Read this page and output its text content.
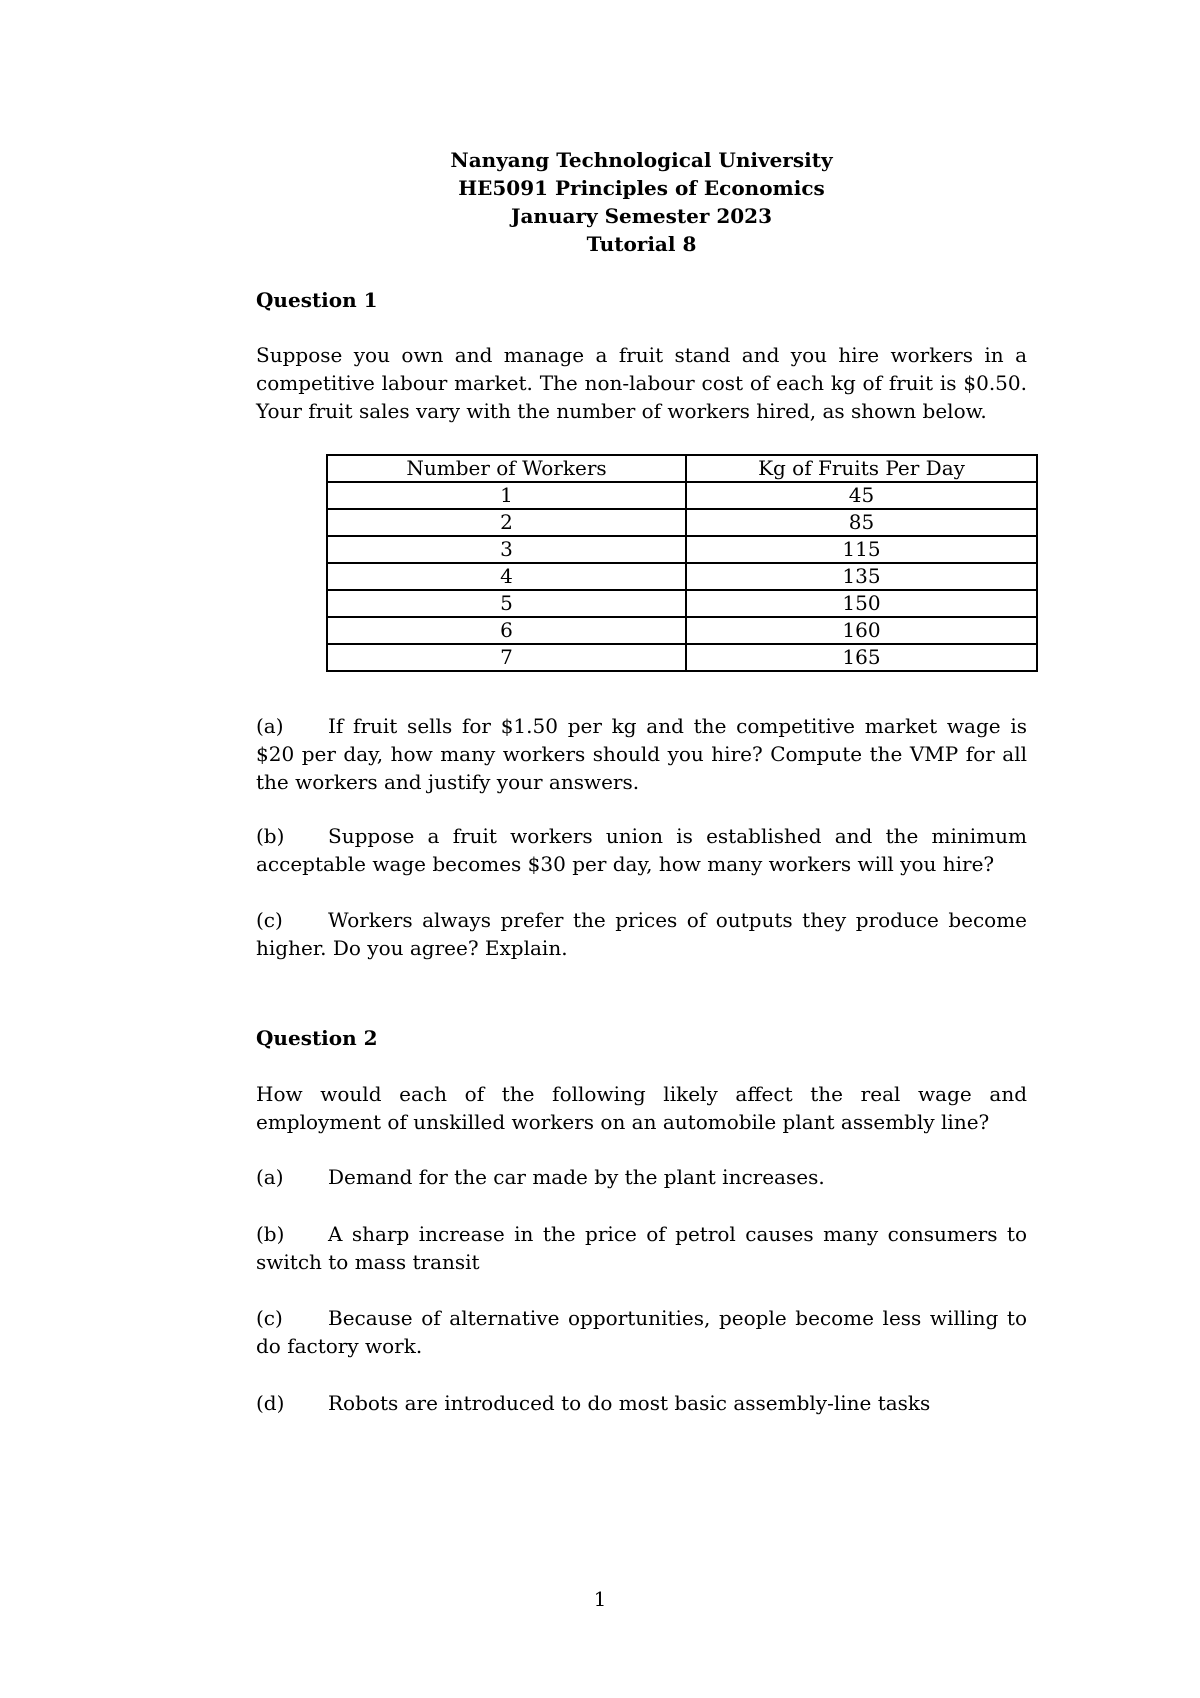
Nanyang Technological University
HE5091 Principles of Economics
January Semester 2023
Tutorial 8

Question 1

Suppose you own and manage a fruit stand and you hire workers in a competitive labour market. The non-labour cost of each kg of fruit is $0.50. Your fruit sales vary with the number of workers hired, as shown below.

Number of Workers	Kg of Fruits Per Day
1	45
2	85
3	115
4	135
5	150
6	160
7	165

(a) If fruit sells for $1.50 per kg and the competitive market wage is $20 per day, how many workers should you hire? Compute the VMP for all the workers and justify your answers.

(b) Suppose a fruit workers union is established and the minimum acceptable wage becomes $30 per day, how many workers will you hire?

(c) Workers always prefer the prices of outputs they produce become higher. Do you agree? Explain.

Question 2

How would each of the following likely affect the real wage and employment of unskilled workers on an automobile plant assembly line?

(a) Demand for the car made by the plant increases.

(b) A sharp increase in the price of petrol causes many consumers to switch to mass transit

(c) Because of alternative opportunities, people become less willing to do factory work.

(d) Robots are introduced to do most basic assembly-line tasks

1
